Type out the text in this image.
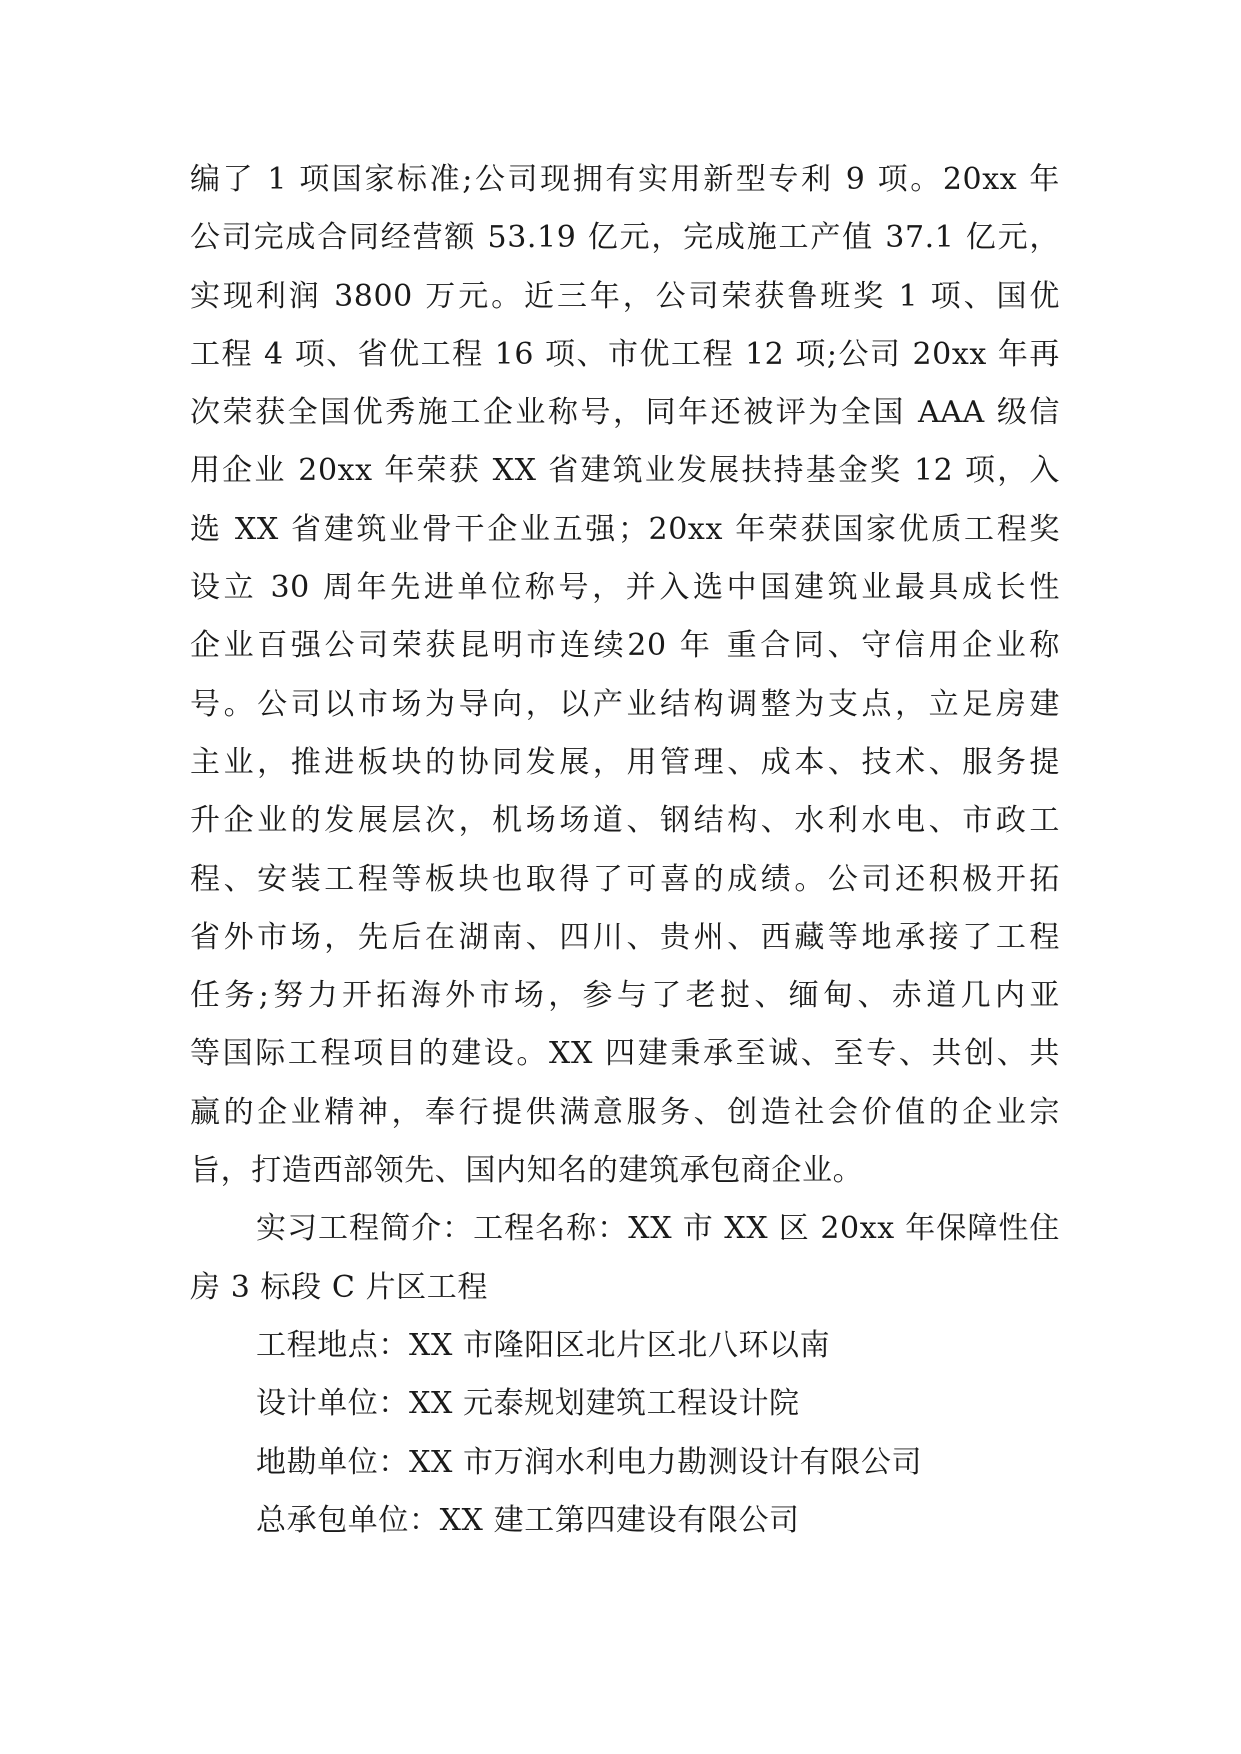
编了 1 项国家标准;公司现拥有实用新型专利 9 项。20xx 年
公司完成合同经营额 53.19 亿元，完成施工产值 37.1 亿元，
实现利润 3800 万元。近三年，公司荣获鲁班奖 1 项、国优
工程 4 项、省优工程 16 项、市优工程 12 项;公司 20xx 年再
次荣获全国优秀施工企业称号，同年还被评为全国 AAA 级信
用企业 20xx 年荣获 XX 省建筑业发展扶持基金奖 12 项，入
选 XX 省建筑业骨干企业五强；20xx 年荣获国家优质工程奖
设立 30 周年先进单位称号，并入选中国建筑业最具成长性
企业百强公司荣获昆明市连续20 年 重合同、守信用企业称
号。公司以市场为导向，以产业结构调整为支点，立足房建
主业，推进板块的协同发展，用管理、成本、技术、服务提
升企业的发展层次，机场场道、钢结构、水利水电、市政工
程、安装工程等板块也取得了可喜的成绩。公司还积极开拓
省外市场，先后在湖南、四川、贵州、西藏等地承接了工程
任务;努力开拓海外市场，参与了老挝、缅甸、赤道几内亚
等国际工程项目的建设。XX 四建秉承至诚、至专、共创、共
赢的企业精神，奉行提供满意服务、创造社会价值的企业宗
旨，打造西部领先、国内知名的建筑承包商企业。
实习工程简介：工程名称：XX 市 XX 区 20xx 年保障性住
房 3 标段 C 片区工程
工程地点：XX 市隆阳区北片区北八环以南
设计单位：XX 元泰规划建筑工程设计院
地勘单位：XX 市万润水利电力勘测设计有限公司
总承包单位：XX 建工第四建设有限公司
